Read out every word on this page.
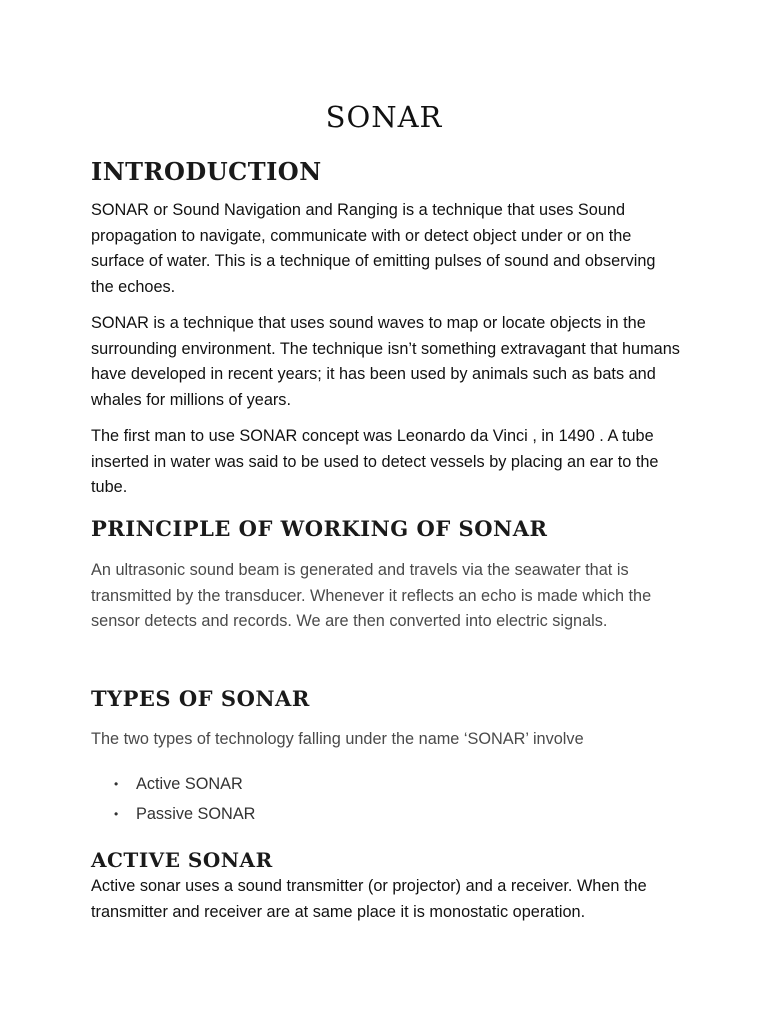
SONAR
INTRODUCTION

SONAR or Sound Navigation and Ranging is a technique that uses Sound propagation to navigate, communicate with or detect object under or on the surface of water. This is a technique of emitting pulses of sound and observing the echoes.

SONAR is a technique that uses sound waves to map or locate objects in the surrounding environment. The technique isn’t something extravagant that humans have developed in recent years; it has been used by animals such as bats and whales for millions of years.

The first man to use SONAR concept was Leonardo da Vinci , in 1490 . A tube inserted in water was said to be used to detect vessels by placing an ear to the tube.

PRINCIPLE OF WORKING OF SONAR

An ultrasonic sound beam is generated and travels via the seawater that is transmitted by the transducer. Whenever it reflects an echo is made which the sensor detects and records. We are then converted into electric signals.

TYPES OF SONAR

The two types of technology falling under the name ‘SONAR’ involve

• Active SONAR
• Passive SONAR
ACTIVE SONAR

Active sonar uses a sound transmitter (or projector) and a receiver. When the transmitter and receiver are at same place it is monostatic operation.
